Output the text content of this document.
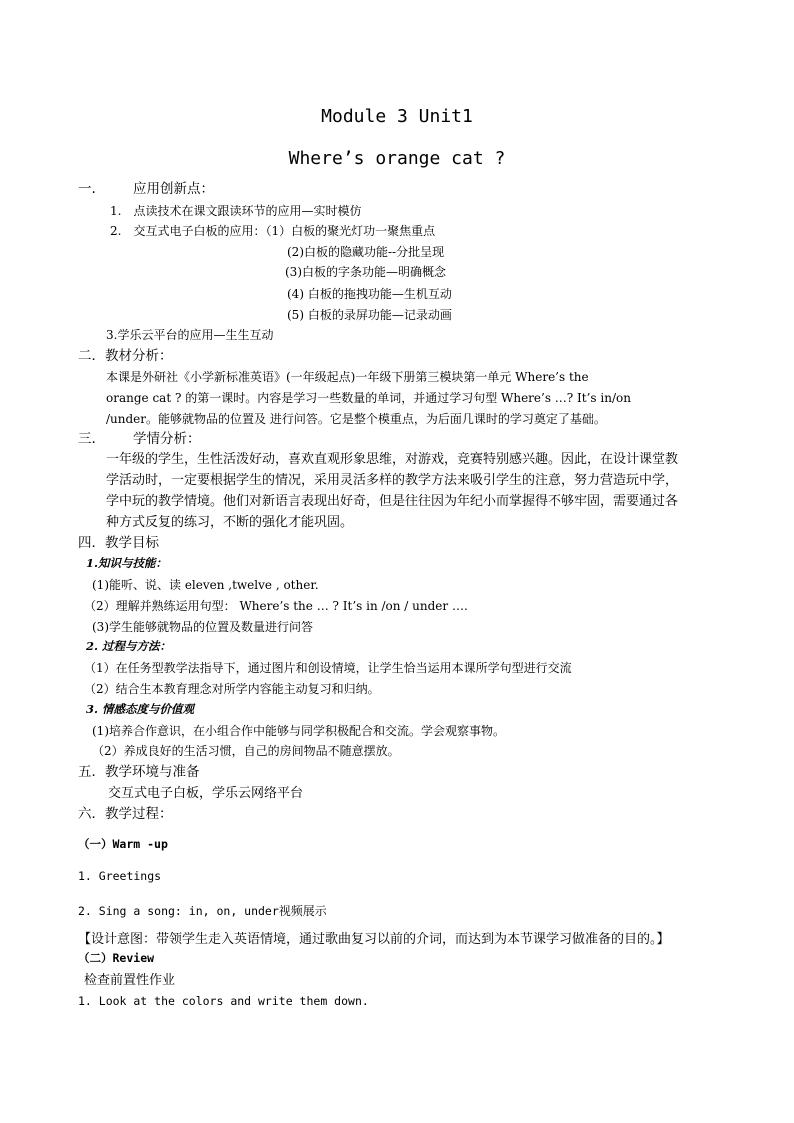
Module 3 Unit1
Where’s orange cat ?
一.	应用创新点：
1.　点读技术在课文跟读环节的应用—实时模仿
2.　交互式电子白板的应用：（1）白板的聚光灯功一聚焦重点
(2)白板的隐藏功能--分批呈现
(3)白板的字条功能—明确概念
(4) 白板的拖拽功能—生机互动
(5) 白板的录屏功能—记录动画
3.学乐云平台的应用—生生互动
二．教材分析：
本课是外研社《小学新标准英语》(一年级起点)一年级下册第三模块第一单元 Where’s the
orange cat ? 的第一课时。内容是学习一些数量的单词，并通过学习句型 Where’s …? It’s in/on
/under。能够就物品的位置及 进行问答。它是整个模重点，为后面几课时的学习奠定了基础。
三.	学情分析：
一年级的学生，生性活泼好动，喜欢直观形象思维，对游戏，竞赛特别感兴趣。因此，在设计课堂教
学活动时，一定要根据学生的情况，采用灵活多样的教学方法来吸引学生的注意，努力营造玩中学，
学中玩的教学情境。他们对新语言表现出好奇，但是往往因为年纪小而掌握得不够牢固，需要通过各
种方式反复的练习，不断的强化才能巩固。
四．教学目标
1.知识与技能：
(1)能听、说、读 eleven ,twelve , other.
（2）理解并熟练运用句型： Where’s the … ? It’s in /on / under ….
(3)学生能够就物品的位置及数量进行问答
2. 过程与方法：
（1）在任务型教学法指导下，通过图片和创设情境，让学生恰当运用本课所学句型进行交流
（2）结合生本教育理念对所学内容能主动复习和归纳。
3. 情感态度与价值观
(1)培养合作意识，在小组合作中能够与同学积极配合和交流。学会观察事物。
（2）养成良好的生活习惯，自己的房间物品不随意摆放。
五．教学环境与准备
交互式电子白板，学乐云网络平台
六．教学过程：
（一）Warm -up
1. Greetings
2. Sing a song: in, on, under视频展示
【设计意图：带领学生走入英语情境，通过歌曲复习以前的介词，而达到为本节课学习做准备的目的。】
（二）Review
检查前置性作业
1. Look at the colors and write them down.
